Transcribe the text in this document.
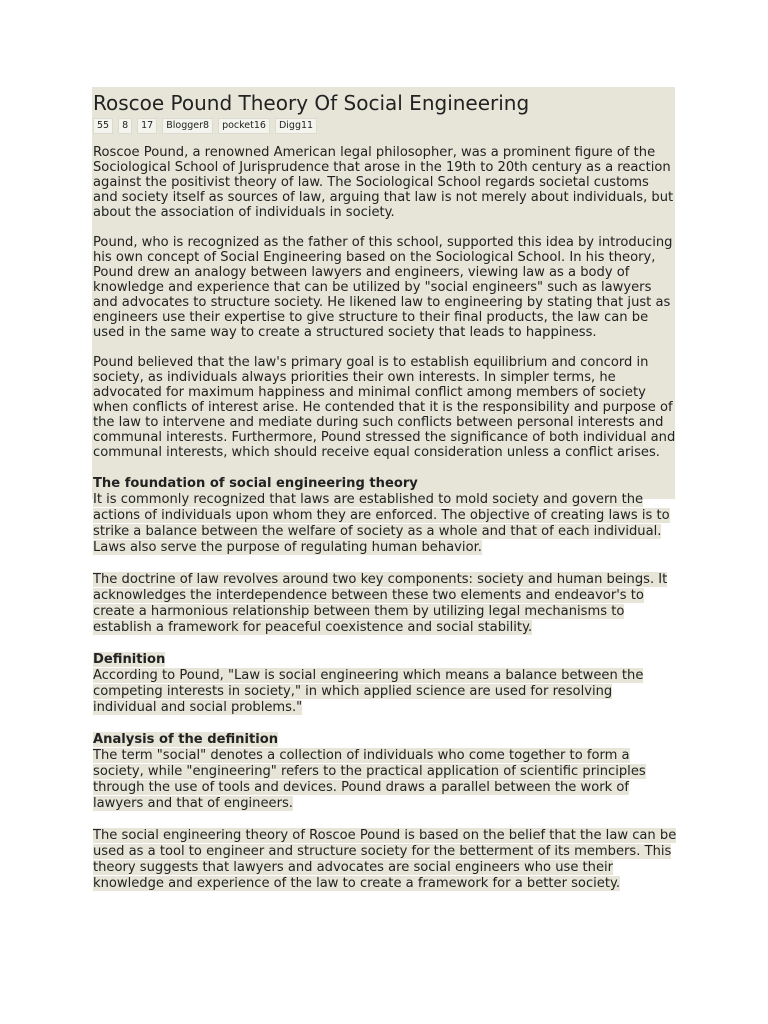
Roscoe Pound Theory Of Social Engineering
55	8	17	Blogger8	pocket16	Digg11

Roscoe Pound, a renowned American legal philosopher, was a prominent figure of the Sociological School of Jurisprudence that arose in the 19th to 20th century as a reaction against the positivist theory of law. The Sociological School regards societal customs and society itself as sources of law, arguing that law is not merely about individuals, but about the association of individuals in society.

Pound, who is recognized as the father of this school, supported this idea by introducing his own concept of Social Engineering based on the Sociological School. In his theory, Pound drew an analogy between lawyers and engineers, viewing law as a body of knowledge and experience that can be utilized by "social engineers" such as lawyers and advocates to structure society. He likened law to engineering by stating that just as engineers use their expertise to give structure to their final products, the law can be used in the same way to create a structured society that leads to happiness.

Pound believed that the law's primary goal is to establish equilibrium and concord in society, as individuals always priorities their own interests. In simpler terms, he advocated for maximum happiness and minimal conflict among members of society when conflicts of interest arise. He contended that it is the responsibility and purpose of the law to intervene and mediate during such conflicts between personal interests and communal interests. Furthermore, Pound stressed the significance of both individual and communal interests, which should receive equal consideration unless a conflict arises.

The foundation of social engineering theory

It is commonly recognized that laws are established to mold society and govern the actions of individuals upon whom they are enforced. The objective of creating laws is to strike a balance between the welfare of society as a whole and that of each individual. Laws also serve the purpose of regulating human behavior.

The doctrine of law revolves around two key components: society and human beings. It acknowledges the interdependence between these two elements and endeavor's to create a harmonious relationship between them by utilizing legal mechanisms to establish a framework for peaceful coexistence and social stability.

Definition

According to Pound, "Law is social engineering which means a balance between the competing interests in society," in which applied science are used for resolving individual and social problems."

Analysis of the definition

The term "social" denotes a collection of individuals who come together to form a society, while "engineering" refers to the practical application of scientific principles through the use of tools and devices. Pound draws a parallel between the work of lawyers and that of engineers.

The social engineering theory of Roscoe Pound is based on the belief that the law can be used as a tool to engineer and structure society for the betterment of its members. This theory suggests that lawyers and advocates are social engineers who use their knowledge and experience of the law to create a framework for a better society.
